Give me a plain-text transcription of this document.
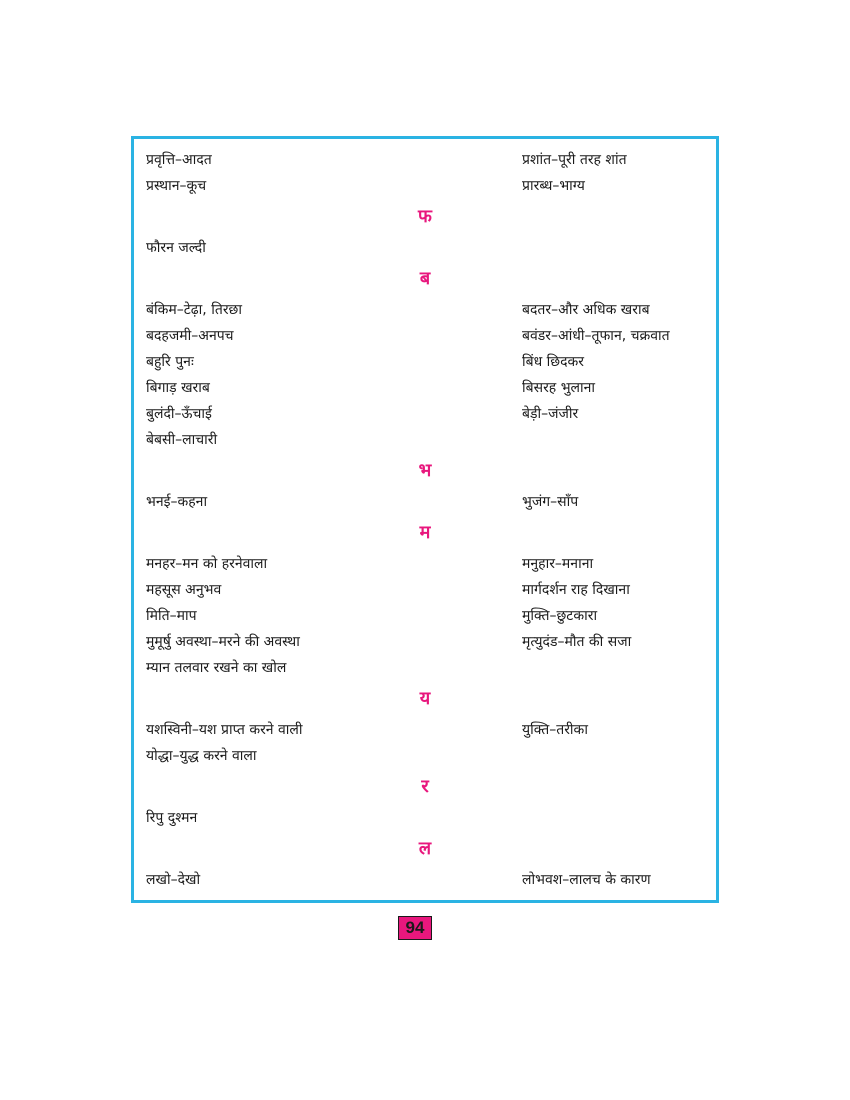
प्रवृत्ति–आदत	प्रशांत–पूरी तरह शांत
प्रस्थान–कूच	प्रारब्ध–भाग्य
फ
फौरन जल्दी
ब
बंकिम–टेढ़ा, तिरछा	बदतर–और अधिक खराब
बदहजमी–अनपच	बवंडर–आंधी–तूफान, चक्रवात
बहुरि पुनः	बिंध छिदकर
बिगाड़ खराब	बिसरह भुलाना
बुलंदी–ऊँचाई	बेड़ी–जंजीर
बेबसी–लाचारी
भ
भनई–कहना	भुजंग–साँप
म
मनहर–मन को हरनेवाला	मनुहार–मनाना
महसूस अनुभव	मार्गदर्शन राह दिखाना
मिति–माप	मुक्ति–छुटकारा
मुमूर्षु अवस्था–मरने की अवस्था	मृत्युदंड–मौत की सजा
म्यान तलवार रखने का खोल
य
यशस्विनी–यश प्राप्त करने वाली	युक्ति–तरीका
योद्धा–युद्ध करने वाला
र
रिपु दुश्मन
ल
लखो–देखो	लोभवश–लालच के कारण
94
